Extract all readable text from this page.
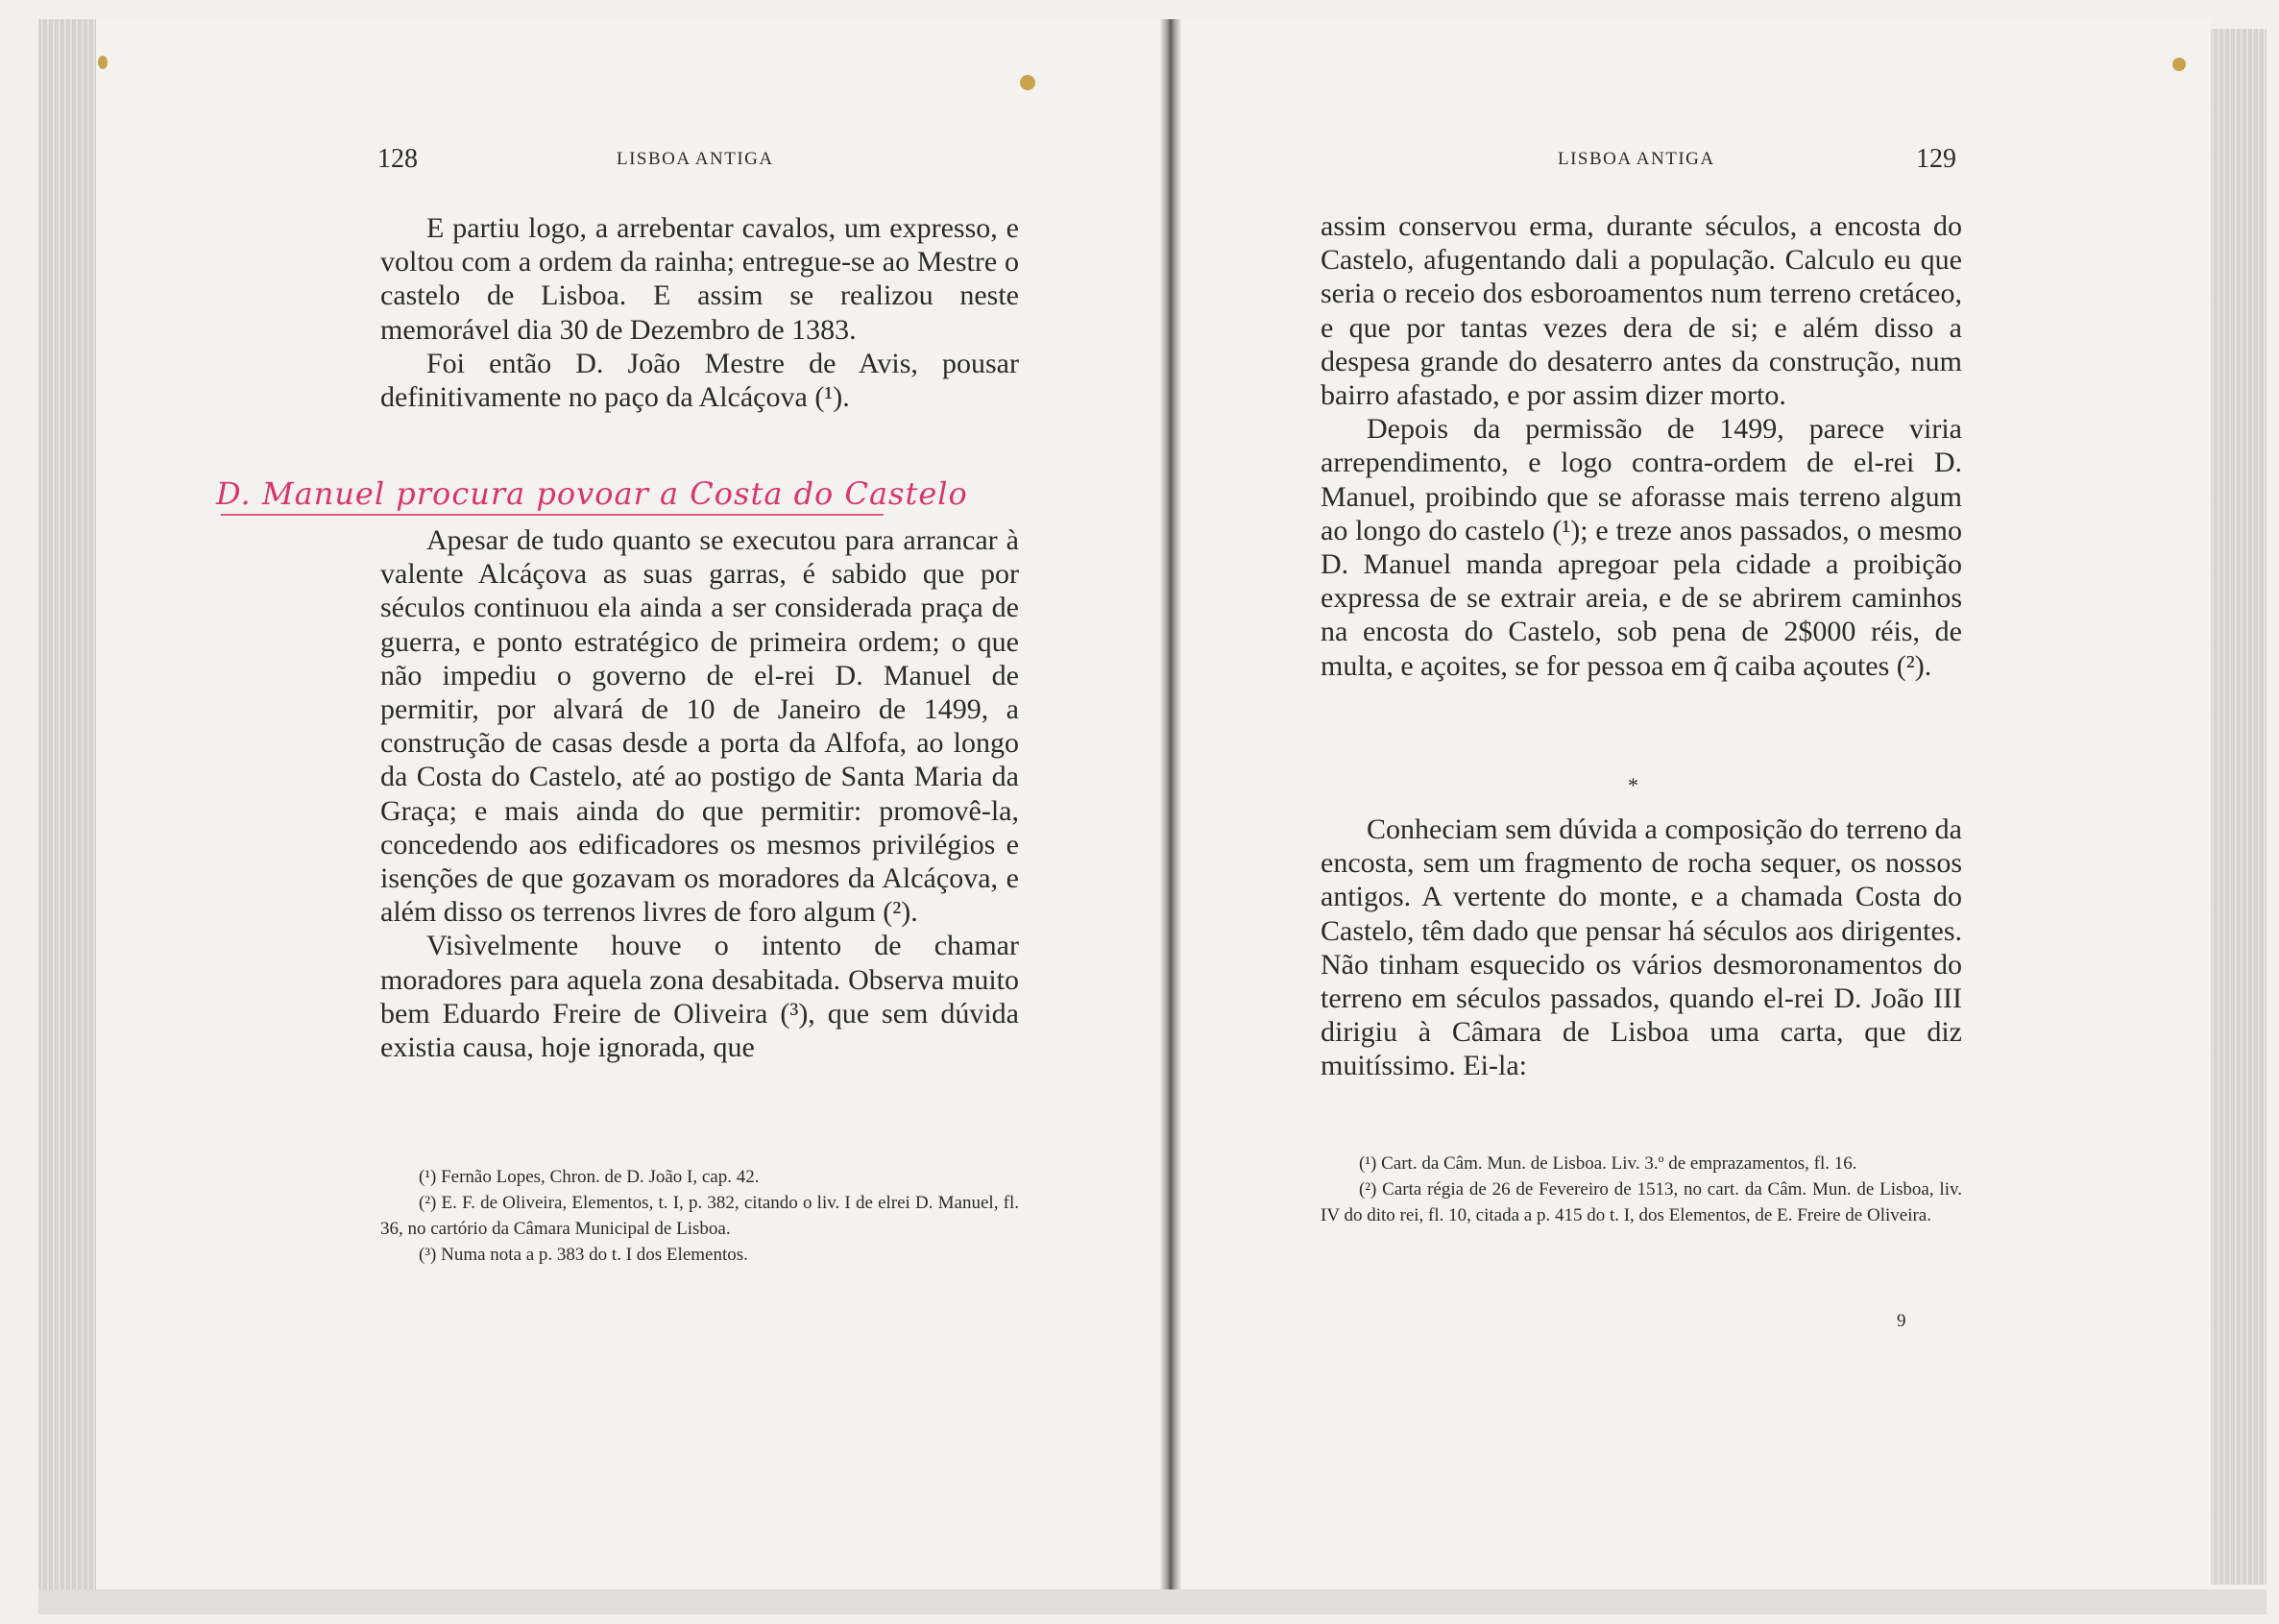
128	LISBOA ANTIGA

E partiu logo, a arrebentar cavalos, um expresso, e voltou com a ordem da rainha; entregue-se ao Mestre o castelo de Lisboa. E assim se realizou neste memorável dia 30 de Dezembro de 1383.

Foi então D. João Mestre de Avis, pousar definitivamente no paço da Alcáçova (¹).

D. Manuel procura povoar a Costa do Castelo

Apesar de tudo quanto se executou para arrancar à valente Alcáçova as suas garras, é sabido que por séculos continuou ela ainda a ser considerada praça de guerra, e ponto estratégico de primeira ordem; o que não impediu o governo de el-rei D. Manuel de permitir, por alvará de 10 de Janeiro de 1499, a construção de casas desde a porta da Alfofa, ao longo da Costa do Castelo, até ao postigo de Santa Maria da Graça; e mais ainda do que permitir: promovê-la, concedendo aos edificadores os mesmos privilégios e isenções de que gozavam os moradores da Alcáçova, e além disso os terrenos livres de foro algum (²).

Visìvelmente houve o intento de chamar moradores para aquela zona desabitada. Observa muito bem Eduardo Freire de Oliveira (³), que sem dúvida existia causa, hoje ignorada, que

(¹) Fernão Lopes, Chron. de D. João I, cap. 42.

(²) E. F. de Oliveira, Elementos, t. I, p. 382, citando o liv. I de elrei D. Manuel, fl. 36, no cartório da Câmara Municipal de Lisboa.

(³) Numa nota a p. 383 do t. I dos Elementos.

LISBOA ANTIGA	129

assim conservou erma, durante séculos, a encosta do Castelo, afugentando dali a população. Calculo eu que seria o receio dos esboroamentos num terreno cretáceo, e que por tantas vezes dera de si; e além disso a despesa grande do desaterro antes da construção, num bairro afastado, e por assim dizer morto.

Depois da permissão de 1499, parece viria arrependimento, e logo contra-ordem de el-rei D. Manuel, proibindo que se aforasse mais terreno algum ao longo do castelo (¹); e treze anos passados, o mesmo D. Manuel manda apregoar pela cidade a proibição expressa de se extrair areia, e de se abrirem caminhos na encosta do Castelo, sob pena de 2$000 réis, de multa, e açoites, se for pessoa em q̃ caiba açoutes (²).

*

Conheciam sem dúvida a composição do terreno da encosta, sem um fragmento de rocha sequer, os nossos antigos. A vertente do monte, e a chamada Costa do Castelo, têm dado que pensar há séculos aos dirigentes. Não tinham esquecido os vários desmoronamentos do terreno em séculos passados, quando el-rei D. João III dirigiu à Câmara de Lisboa uma carta, que diz muitíssimo. Ei-la:

(¹) Cart. da Câm. Mun. de Lisboa. Liv. 3.º de emprazamentos, fl. 16.

(²) Carta régia de 26 de Fevereiro de 1513, no cart. da Câm. Mun. de Lisboa, liv. IV do dito rei, fl. 10, citada a p. 415 do t. I, dos Elementos, de E. Freire de Oliveira.

9
